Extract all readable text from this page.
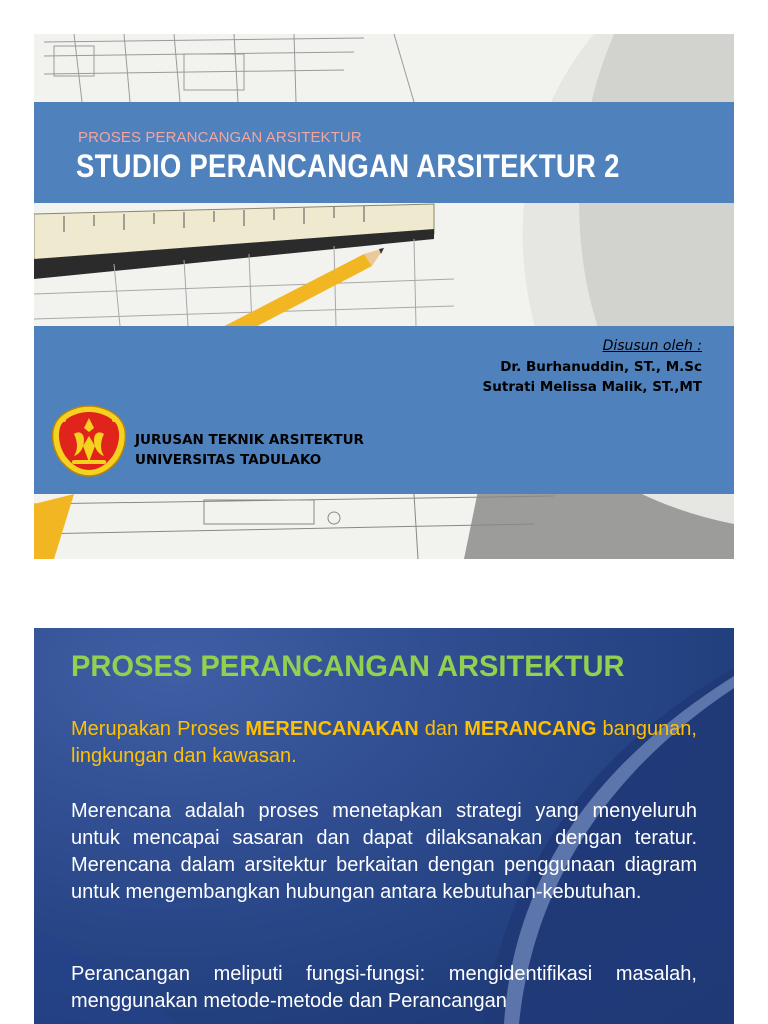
PROSES PERANCANGAN ARSITEKTUR
STUDIO PERANCANGAN ARSITEKTUR 2
Disusun oleh :
Dr. Burhanuddin, ST., M.Sc
Sutrati Melissa Malik, ST.,MT
JURUSAN TEKNIK ARSITEKTUR
UNIVERSITAS TADULAKO
PROSES PERANCANGAN ARSITEKTUR
Merupakan Proses MERENCANAKAN dan MERANCANG bangunan, lingkungan dan kawasan.
Merencana adalah proses menetapkan strategi yang menyeluruh untuk mencapai sasaran dan dapat dilaksanakan dengan teratur. Merencana dalam arsitektur berkaitan dengan penggunaan diagram untuk mengembangkan hubungan antara kebutuhan-kebutuhan.
Perancangan meliputi fungsi-fungsi: mengidentifikasi masalah, menggunakan metode-metode dan Perancangan
